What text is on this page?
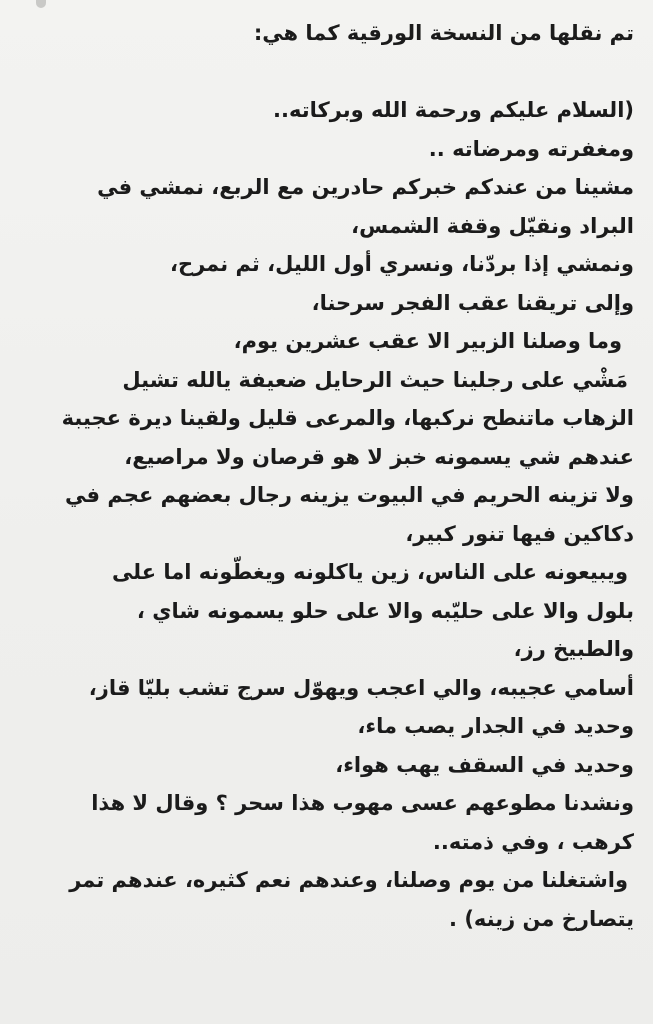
تم نقلها من النسخة الورقية كما هي:
(السلام عليكم ورحمة الله وبركاته..
ومغفرته ومرضاته ..
مشينا من عندكم خبركم حادرين مع الربع، نمشي في
البراد ونقيّل وقفة الشمس،
ونمشي إذا بردّنا، ونسري أول الليل، ثم نمرح،
وإلى تريقنا عقب الفجر سرحنا،
وما وصلنا الزبير الا عقب عشرين يوم،
مَشْي على رجلينا حيث الرحايل ضعيفة يالله تشيل
الزهاب ماتنطح نركبها، والمرعى قليل ولقينا ديرة عجيبة
عندهم شي يسمونه خبز لا هو قرصان ولا مراصيع،
ولا تزينه الحريم في البيوت يزينه رجال بعضهم عجم في
دكاكين فيها تنور كبير،
ويبيعونه على الناس، زين ياكلونه ويغطّونه اما على
بلول والا على حليّبه والا على حلو يسمونه شاي ،
والطبيخ رز،
أسامي عجيبه، والي اعجب ويهوّل سرج تشب بليّا قاز،
وحديد في الجدار يصب ماء،
وحديد في السقف يهب هواء،
ونشدنا مطوعهم عسى مهوب هذا سحر ؟ وقال لا هذا
كرهب ، وفي ذمته..
واشتغلنا من يوم وصلنا، وعندهم نعم كثيره، عندهم تمر
يتصارخ من زينه) .
